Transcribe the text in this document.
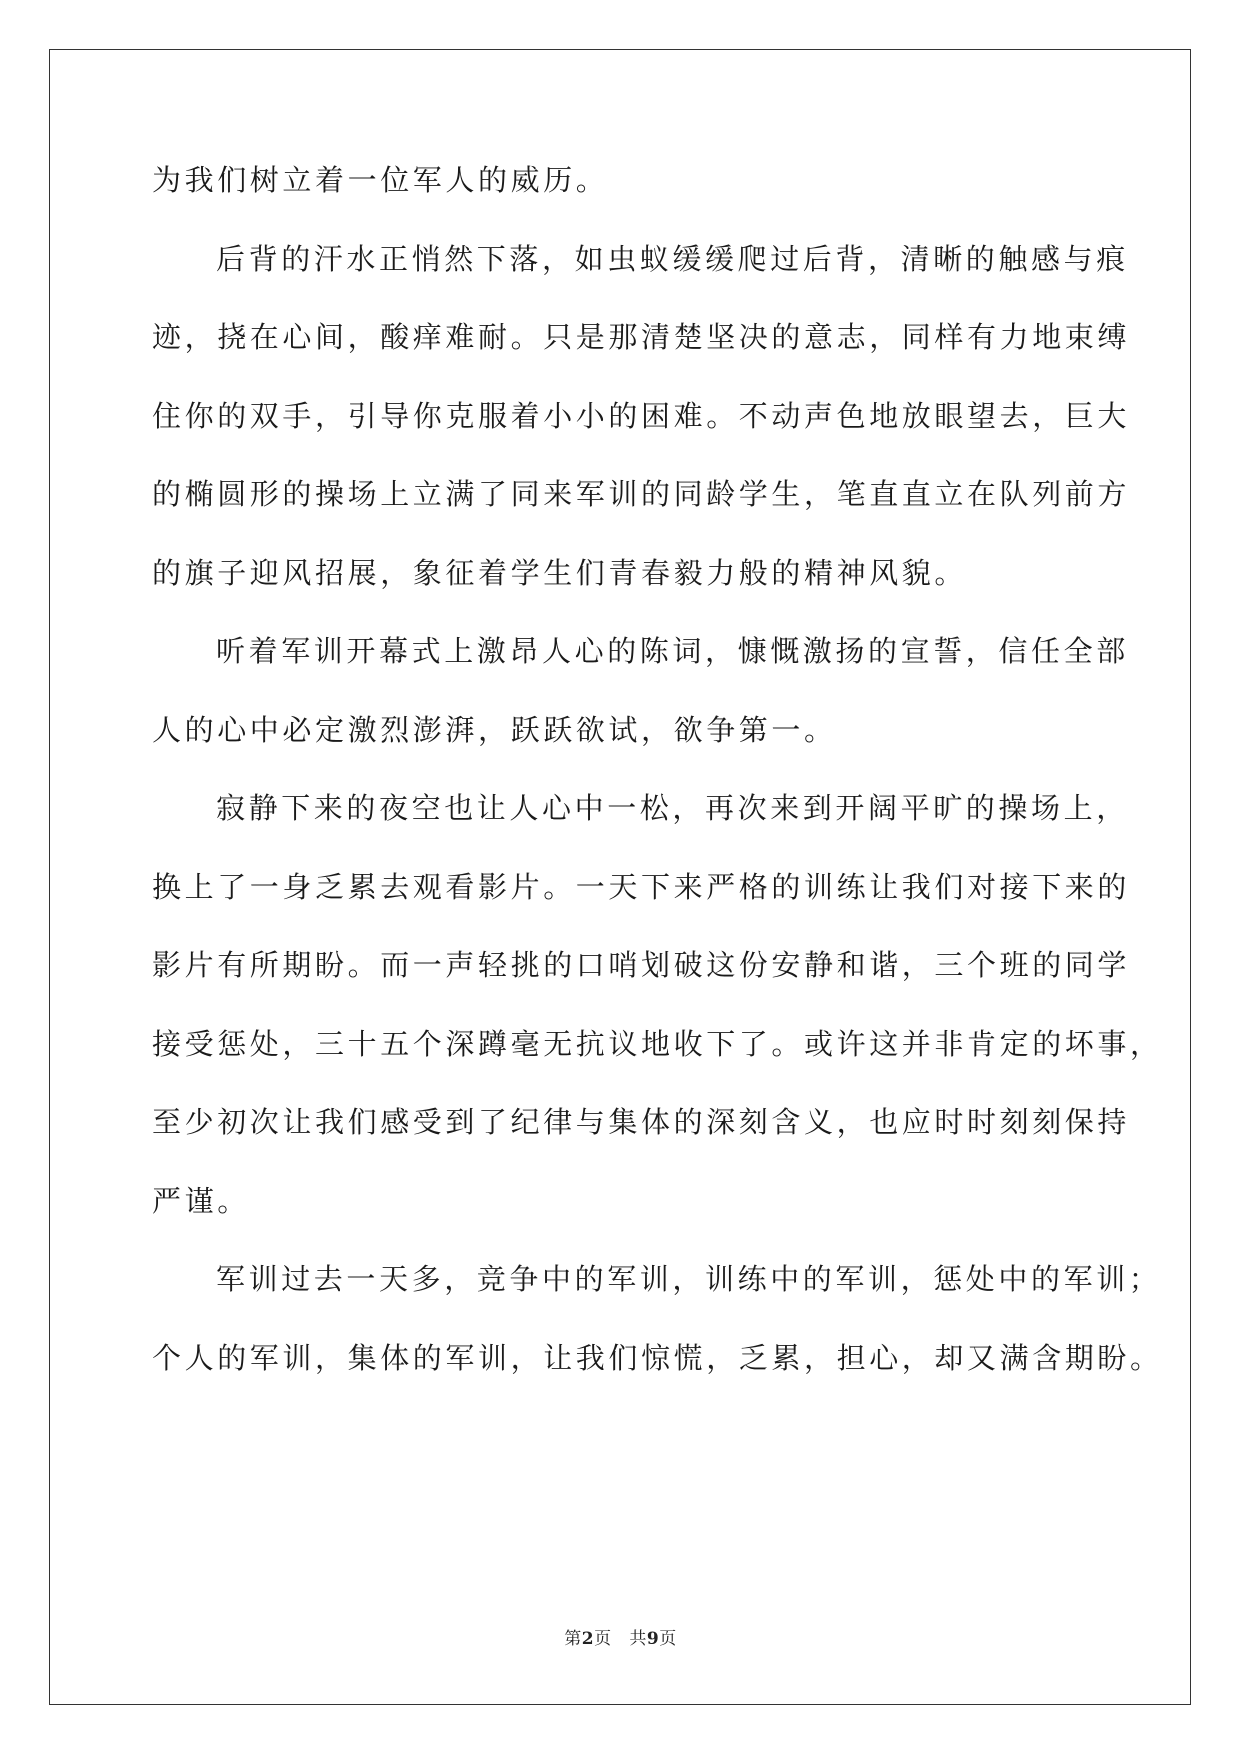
为我们树立着一位军人的威历。
后背的汗水正悄然下落，如虫蚁缓缓爬过后背，清晰的触感与痕
迹，挠在心间，酸痒难耐。只是那清楚坚决的意志，同样有力地束缚
住你的双手，引导你克服着小小的困难。不动声色地放眼望去，巨大
的椭圆形的操场上立满了同来军训的同龄学生，笔直直立在队列前方
的旗子迎风招展，象征着学生们青春毅力般的精神风貌。
听着军训开幕式上激昂人心的陈词，慷慨激扬的宣誓，信任全部
人的心中必定激烈澎湃，跃跃欲试，欲争第一。
寂静下来的夜空也让人心中一松，再次来到开阔平旷的操场上，
换上了一身乏累去观看影片。一天下来严格的训练让我们对接下来的
影片有所期盼。而一声轻挑的口哨划破这份安静和谐，三个班的同学
接受惩处，三十五个深蹲毫无抗议地收下了。或许这并非肯定的坏事，
至少初次让我们感受到了纪律与集体的深刻含义，也应时时刻刻保持
严谨。
军训过去一天多，竞争中的军训，训练中的军训，惩处中的军训；
个人的军训，集体的军训，让我们惊慌，乏累，担心，却又满含期盼。
第2页   共9页
